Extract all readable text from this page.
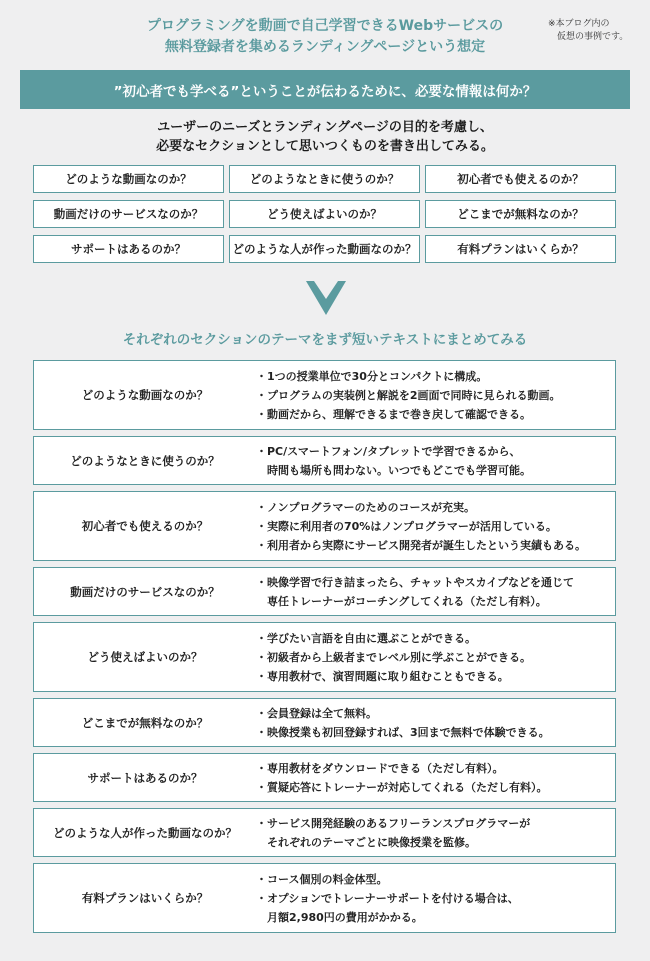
プログラミングを動画で自己学習できるWebサービスの
無料登録者を集めるランディングページという想定
※本ブログ内の
　仮想の事例です。
”初心者でも学べる”ということが伝わるために、必要な情報は何か？
ユーザーのニーズとランディングページの目的を考慮し、
必要なセクションとして思いつくものを書き出してみる。
どのような動画なのか？	どのようなときに使うのか？	初心者でも使えるのか？
動画だけのサービスなのか？	どう使えばよいのか？	どこまでが無料なのか？
サポートはあるのか？	どのような人が作った動画なのか？	有料プランはいくらか？
それぞれのセクションのテーマをまず短いテキストにまとめてみる
どのような動画なのか？
・1つの授業単位で30分とコンパクトに構成。
・プログラムの実装例と解説を2画面で同時に見られる動画。
・動画だから、理解できるまで巻き戻して確認できる。
どのようなときに使うのか？
・PC/スマートフォン/タブレットで学習できるから、
　時間も場所も問わない。いつでもどこでも学習可能。
初心者でも使えるのか？
・ノンプログラマーのためのコースが充実。
・実際に利用者の70%はノンプログラマーが活用している。
・利用者から実際にサービス開発者が誕生したという実績もある。
動画だけのサービスなのか？
・映像学習で行き詰まったら、チャットやスカイプなどを通じて
　専任トレーナーがコーチングしてくれる（ただし有料）。
どう使えばよいのか？
・学びたい言語を自由に選ぶことができる。
・初級者から上級者までレベル別に学ぶことができる。
・専用教材で、演習問題に取り組むこともできる。
どこまでが無料なのか？
・会員登録は全て無料。
・映像授業も初回登録すれば、3回まで無料で体験できる。
サポートはあるのか？
・専用教材をダウンロードできる（ただし有料）。
・質疑応答にトレーナーが対応してくれる（ただし有料）。
どのような人が作った動画なのか？
・サービス開発経験のあるフリーランスプログラマーが
　それぞれのテーマごとに映像授業を監修。
有料プランはいくらか？
・コース個別の料金体型。
・オプションでトレーナーサポートを付ける場合は、
　月額2,980円の費用がかかる。
